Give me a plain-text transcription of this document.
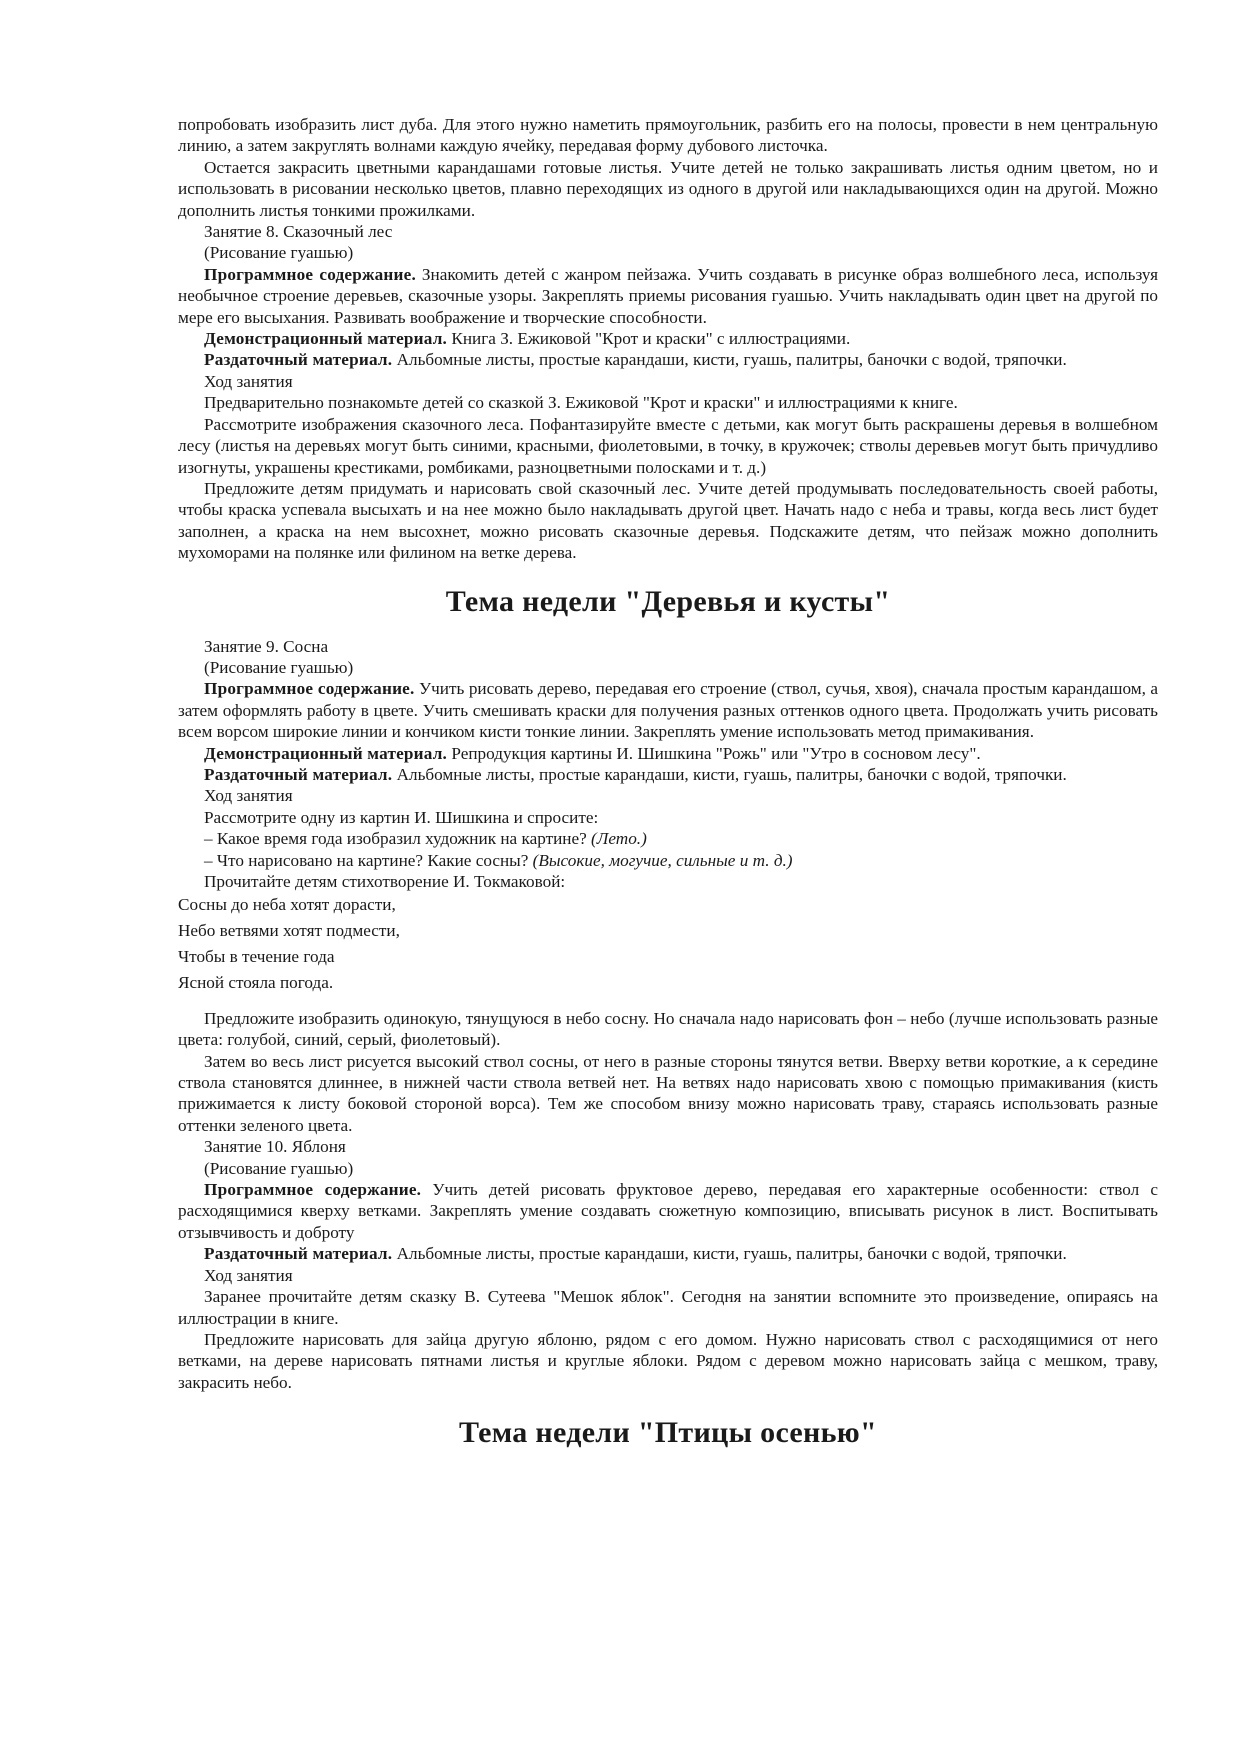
попробовать изобразить лист дуба. Для этого нужно наметить прямоугольник, разбить его на полосы, провести в нем центральную линию, а затем закруглять волнами каждую ячейку, передавая форму дубового листочка.

Остается закрасить цветными карандашами готовые листья. Учите детей не только закрашивать листья одним цветом, но и использовать в рисовании несколько цветов, плавно переходящих из одного в другой или накладывающихся один на другой. Можно дополнить листья тонкими прожилками.

Занятие 8. Сказочный лес

(Рисование гуашью)

Программное содержание. Знакомить детей с жанром пейзажа. Учить создавать в рисунке образ волшебного леса, используя необычное строение деревьев, сказочные узоры. Закреплять приемы рисования гуашью. Учить накладывать один цвет на другой по мере его высыхания. Развивать воображение и творческие способности.

Демонстрационный материал. Книга З. Ежиковой "Крот и краски" с иллюстрациями.

Раздаточный материал. Альбомные листы, простые карандаши, кисти, гуашь, палитры, баночки с водой, тряпочки.

Ход занятия

Предварительно познакомьте детей со сказкой З. Ежиковой "Крот и краски" и иллюстрациями к книге.

Рассмотрите изображения сказочного леса. Пофантазируйте вместе с детьми, как могут быть раскрашены деревья в волшебном лесу (листья на деревьях могут быть синими, красными, фиолетовыми, в точку, в кружочек; стволы деревьев могут быть причудливо изогнуты, украшены крестиками, ромбиками, разноцветными полосками и т. д.)

Предложите детям придумать и нарисовать свой сказочный лес. Учите детей продумывать последовательность своей работы, чтобы краска успевала высыхать и на нее можно было накладывать другой цвет. Начать надо с неба и травы, когда весь лист будет заполнен, а краска на нем высохнет, можно рисовать сказочные деревья. Подскажите детям, что пейзаж можно дополнить мухоморами на полянке или филином на ветке дерева.

Тема недели "Деревья и кусты"

Занятие 9. Сосна

(Рисование гуашью)

Программное содержание. Учить рисовать дерево, передавая его строение (ствол, сучья, хвоя), сначала простым карандашом, а затем оформлять работу в цвете. Учить смешивать краски для получения разных оттенков одного цвета. Продолжать учить рисовать всем ворсом широкие линии и кончиком кисти тонкие линии. Закреплять умение использовать метод примакивания.

Демонстрационный материал. Репродукция картины И. Шишкина "Рожь" или "Утро в сосновом лесу".

Раздаточный материал. Альбомные листы, простые карандаши, кисти, гуашь, палитры, баночки с водой, тряпочки.

Ход занятия

Рассмотрите одну из картин И. Шишкина и спросите:

– Какое время года изобразил художник на картине? (Лето.)

– Что нарисовано на картине? Какие сосны? (Высокие, могучие, сильные и т. д.)

Прочитайте детям стихотворение И. Токмаковой:

Сосны до неба хотят дорасти,

Небо ветвями хотят подмести,

Чтобы в течение года

Ясной стояла погода.

Предложите изобразить одинокую, тянущуюся в небо сосну. Но сначала надо нарисовать фон – небо (лучше использовать разные цвета: голубой, синий, серый, фиолетовый).

Затем во весь лист рисуется высокий ствол сосны, от него в разные стороны тянутся ветви. Вверху ветви короткие, а к середине ствола становятся длиннее, в нижней части ствола ветвей нет. На ветвях надо нарисовать хвою с помощью примакивания (кисть прижимается к листу боковой стороной ворса). Тем же способом внизу можно нарисовать траву, стараясь использовать разные оттенки зеленого цвета.

Занятие 10. Яблоня

(Рисование гуашью)

Программное содержание. Учить детей рисовать фруктовое дерево, передавая его характерные особенности: ствол с расходящимися кверху ветками. Закреплять умение создавать сюжетную композицию, вписывать рисунок в лист. Воспитывать отзывчивость и доброту

Раздаточный материал. Альбомные листы, простые карандаши, кисти, гуашь, палитры, баночки с водой, тряпочки.

Ход занятия

Заранее прочитайте детям сказку В. Сутеева "Мешок яблок". Сегодня на занятии вспомните это произведение, опираясь на иллюстрации в книге.

Предложите нарисовать для зайца другую яблоню, рядом с его домом. Нужно нарисовать ствол с расходящимися от него ветками, на дереве нарисовать пятнами листья и круглые яблоки. Рядом с деревом можно нарисовать зайца с мешком, траву, закрасить небо.

Тема недели "Птицы осенью"
